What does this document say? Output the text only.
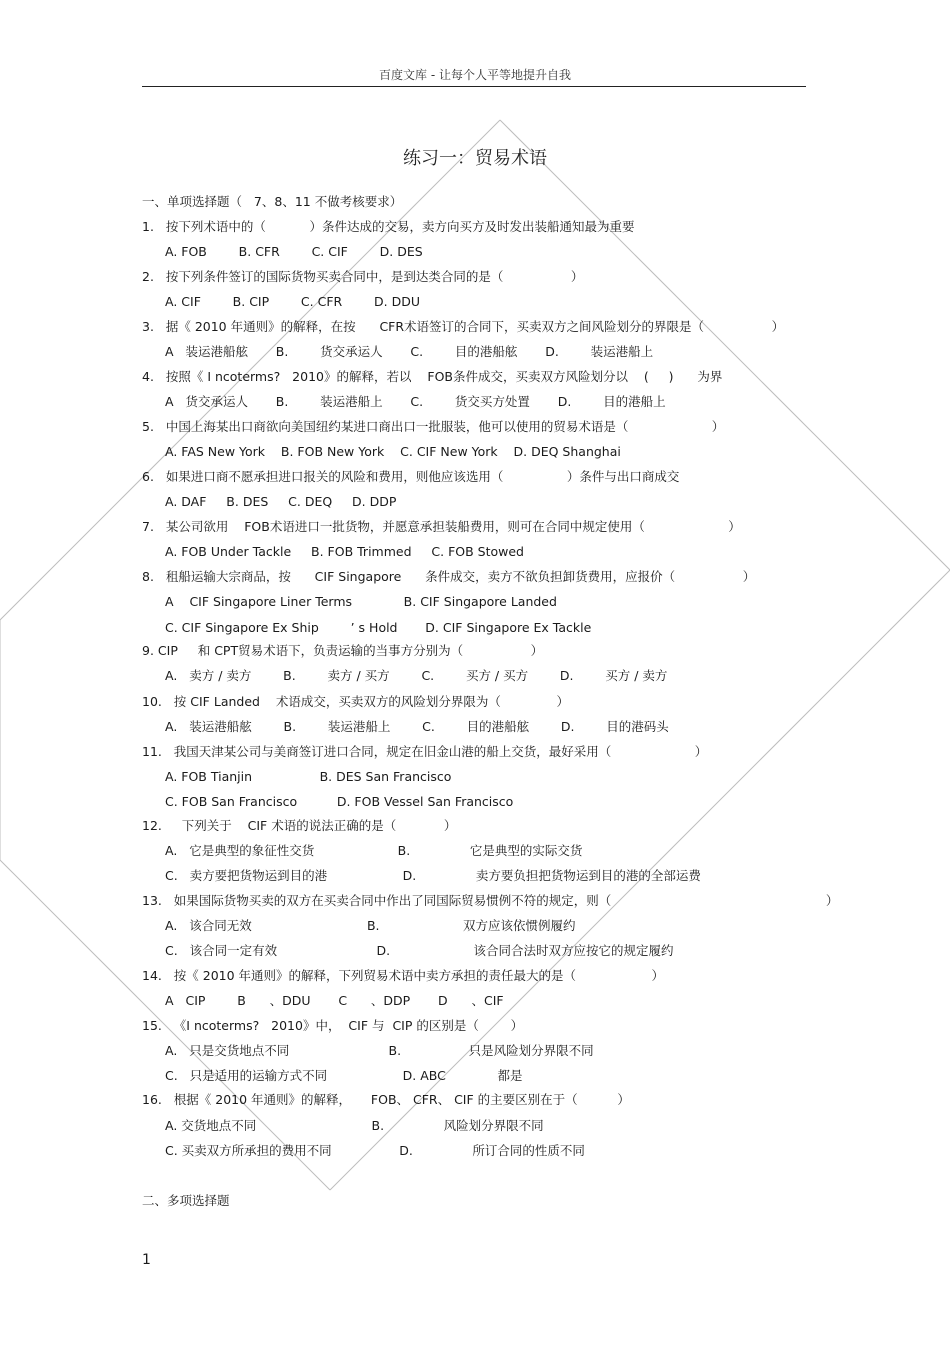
百度文库 - 让每个人平等地提升自我
练习一：贸易术语
一、单项选择题（   7、8、11 不做考核要求）
1.   按下列术语中的（           ）条件达成的交易，卖方向买方及时发出装船通知最为重要
A. FOB        B. CFR        C. CIF        D. DES
2.   按下列条件签订的国际货物买卖合同中，是到达类合同的是（                 ）
A. CIF        B. CIP        C. CFR        D. DDU
3.   据《 2010 年通则》的解释，在按      CFR术语签订的合同下，买卖双方之间风险划分的界限是（                 ）
A   装运港船舷       B.        货交承运人       C.        目的港船舷       D.        装运港船上
4.   按照《 I ncoterms?   2010》的解释，若以    FOB条件成交，买卖双方风险划分以    (     )      为界
A   货交承运人       B.        装运港船上       C.        货交买方处置       D.        目的港船上
5.   中国上海某出口商欲向美国纽约某进口商出口一批服装，他可以使用的贸易术语是（                     ）
A. FAS New York    B. FOB New York    C. CIF New York    D. DEQ Shanghai
6.   如果进口商不愿承担进口报关的风险和费用，则他应该选用（                ）条件与出口商成交
A. DAF     B. DES     C. DEQ     D. DDP
7.   某公司欲用    FOB术语进口一批货物，并愿意承担装船费用，则可在合同中规定使用（                     ）
A. FOB Under Tackle     B. FOB Trimmed     C. FOB Stowed
8.   租船运输大宗商品，按      CIF Singapore      条件成交，卖方不欲负担卸货费用，应报价（                 ）
A    CIF Singapore Liner Terms             B. CIF Singapore Landed
C. CIF Singapore Ex Ship        ’ s Hold       D. CIF Singapore Ex Tackle
9. CIP     和 CPT贸易术语下，负责运输的当事方分别为（                 ）
A.   卖方 / 卖方        B.        卖方 / 买方        C.        买方 / 买方        D.        买方 / 卖方
10.   按 CIF Landed    术语成交，买卖双方的风险划分界限为（              ）
A.   装运港船舷        B.        装运港船上        C.        目的港船舷        D.        目的港码头
11.   我国天津某公司与美商签订进口合同，规定在旧金山港的船上交货，最好采用（                     ）
A. FOB Tianjin                 B. DES San Francisco
C. FOB San Francisco          D. FOB Vessel San Francisco
12.     下列关于    CIF 术语的说法正确的是（            ）
A.   它是典型的象征性交货                     B.               它是典型的实际交货
C.   卖方要把货物运到目的港                   D.               卖方要负担把货物运到目的港的全部运费
13.   如果国际货物买卖的双方在买卖合同中作出了同国际贸易惯例不符的规定，则（                                                      ）
A.   该合同无效                             B.                     双方应该依惯例履约
C.   该合同一定有效                         D.                     该合同合法时双方应按它的规定履约
14.   按《 2010 年通则》的解释，下列贸易术语中卖方承担的责任最大的是（                   ）
A   CIP        B      、DDU       C      、DDP       D      、CIF
15.   《I ncoterms?   2010》中，  CIF 与  CIP 的区别是（        ）
A.   只是交货地点不同                         B.                 只是风险划分界限不同
C.   只是适用的运输方式不同                   D. ABC             都是
16.   根据《 2010 年通则》的解释，     FOB、 CFR、 CIF 的主要区别在于（          ）
A. 交货地点不同                             B.               风险划分界限不同
C. 买卖双方所承担的费用不同                 D.               所订合同的性质不同
二、多项选择题
1
